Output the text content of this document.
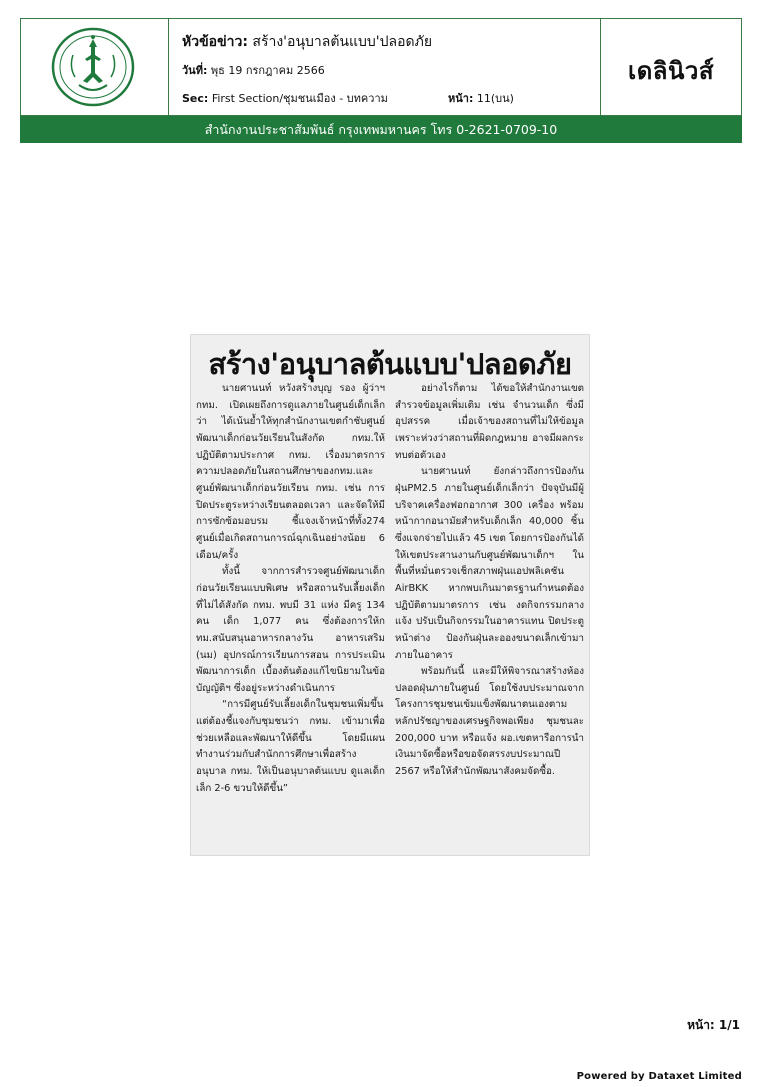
หัวข้อข่าว: สร้าง'อนุบาลต้นแบบ'ปลอดภัย
วันที่: พุธ 19 กรกฎาคม 2566
Sec: First Section/ชุมชนเมือง - บทความ	หน้า: 11(บน)
เดลินิวส์
สำนักงานประชาสัมพันธ์ กรุงเทพมหานคร โทร 0-2621-0709-10
สร้าง'อนุบาลต้นแบบ'ปลอดภัย

นายศานนท์ หวังสร้างบุญ รอง ผู้ว่าฯ กทม. เปิดเผยถึงการดูแลภายในศูนย์เด็กเล็กว่า ได้เน้นย้ำให้ทุกสำนักงานเขตกำชับศูนย์พัฒนาเด็กก่อนวัยเรียนในสังกัด กทม.ให้ปฏิบัติตามประกาศ กทม. เรื่องมาตรการความปลอดภัยในสถานศึกษาของกทม.และศูนย์พัฒนาเด็กก่อนวัยเรียน กทม. เช่น การปิดประตูระหว่างเรียนตลอดเวลา และจัดให้มีการซักซ้อมอบรม ชี้แจงเจ้าหน้าที่ทั้ง274 ศูนย์เมื่อเกิดสถานการณ์ฉุกเฉินอย่างน้อย 6 เดือน/ครั้ง

ทั้งนี้ จากการสำรวจศูนย์พัฒนาเด็กก่อนวัยเรียนแบบพิเศษ หรือสถานรับเลี้ยงเด็กที่ไม่ได้สังกัด กทม. พบมี 31 แห่ง มีครู 134 คน เด็ก 1,077 คน ซึ่งต้องการให้กทม.สนับสนุนอาหารกลางวัน อาหารเสริม (นม) อุปกรณ์การเรียนการสอน การประเมินพัฒนาการเด็ก เบื้องต้นต้องแก้ไขนิยามในข้อบัญญัติฯ ซึ่งอยู่ระหว่างดำเนินการ

“การมีศูนย์รับเลี้ยงเด็กในชุมชนเพิ่มขึ้น แต่ต้องชี้แจงกับชุมชนว่า กทม. เข้ามาเพื่อช่วยเหลือและพัฒนาให้ดีขึ้น โดยมีแผนทำงานร่วมกับสำนักการศึกษาเพื่อสร้างอนุบาล กทม. ให้เป็นอนุบาลต้นแบบ ดูแลเด็กเล็ก 2-6 ขวบให้ดีขึ้น”

อย่างไรก็ตาม ได้ขอให้สำนักงานเขตสำรวจข้อมูลเพิ่มเติม เช่น จำนวนเด็ก ซึ่งมีอุปสรรค เมื่อเจ้าของสถานที่ไม่ให้ข้อมูลเพราะห่วงว่าสถานที่ผิดกฎหมาย อาจมีผลกระทบต่อตัวเอง

นายศานนท์ ยังกล่าวถึงการป้องกันฝุ่นPM2.5 ภายในศูนย์เด็กเล็กว่า ปัจจุบันมีผู้บริจาคเครื่องฟอกอากาศ 300 เครื่อง พร้อมหน้ากากอนามัยสำหรับเด็กเล็ก 40,000 ชิ้น ซึ่งแจกจ่ายไปแล้ว 45 เขต โดยการป้องกันได้ให้เขตประสานงานกับศูนย์พัฒนาเด็กฯ ในพื้นที่หมั่นตรวจเช็กสภาพฝุ่นแอปพลิเคชัน AirBKK หากพบเกินมาตรฐานกำหนดต้องปฏิบัติตามมาตรการ เช่น งดกิจกรรมกลางแจ้ง ปรับเป็นกิจกรรมในอาคารแทน ปิดประตูหน้าต่าง ป้องกันฝุ่นละอองขนาดเล็กเข้ามาภายในอาคาร

พร้อมกันนี้ และมีให้พิจารณาสร้างห้องปลอดฝุ่นภายในศูนย์ โดยใช้งบประมาณจากโครงการชุมชนเข้มแข็งพัฒนาตนเองตามหลักปรัชญาของเศรษฐกิจพอเพียง ชุมชนละ 200,000 บาท หรือแจ้ง ผอ.เขตหารือการนำเงินมาจัดซื้อหรือขอจัดสรรงบประมาณปี 2567 หรือให้สำนักพัฒนาสังคมจัดซื้อ.

หน้า: 1/1
Powered by Dataxet Limited
